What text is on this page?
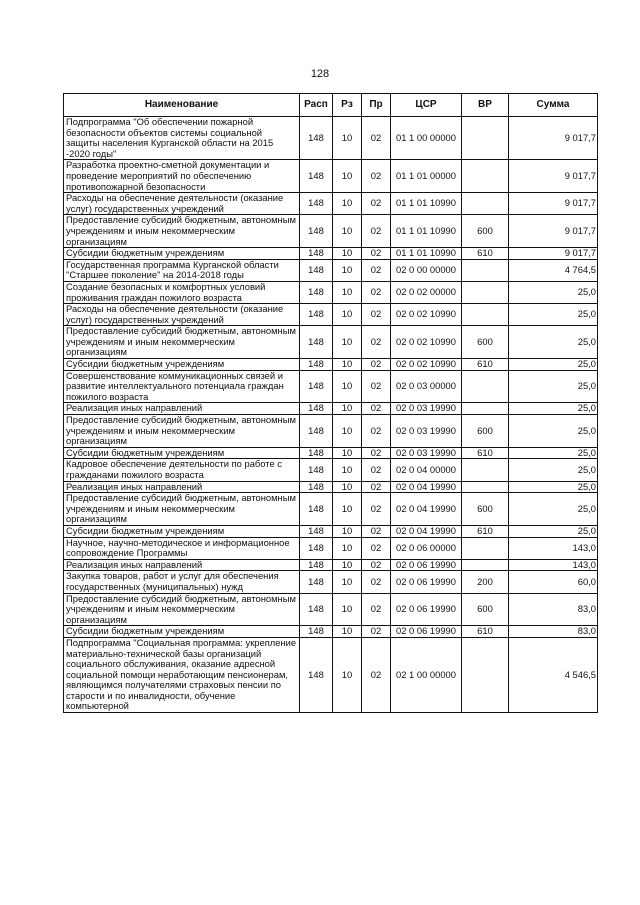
128
Наименование	Расп	Рз	Пр	ЦСР	ВР	Сумма
Подпрограмма "Об обеспечении пожарной безопасности объектов системы социальной защиты населения Курганской области на 2015 -2020 годы"	148	10	02	01 1 00 00000		9 017,7
Разработка проектно-сметной документации и проведение мероприятий по обеспечению противопожарной безопасности	148	10	02	01 1 01 00000		9 017,7
Расходы на обеспечение деятельности (оказание услуг) государственных учреждений	148	10	02	01 1 01 10990		9 017,7
Предоставление субсидий бюджетным, автономным учреждениям и иным некоммерческим организациям	148	10	02	01 1 01 10990	600	9 017,7
Субсидии бюджетным учреждениям	148	10	02	01 1 01 10990	610	9 017,7
Государственная программа Курганской области "Старшее поколение" на 2014-2018 годы	148	10	02	02 0 00 00000		4 764,5
Создание безопасных и комфортных условий проживания граждан пожилого возраста	148	10	02	02 0 02 00000		25,0
Расходы на обеспечение деятельности (оказание услуг) государственных учреждений	148	10	02	02 0 02 10990		25,0
Предоставление субсидий бюджетным, автономным учреждениям и иным некоммерческим организациям	148	10	02	02 0 02 10990	600	25,0
Субсидии бюджетным учреждениям	148	10	02	02 0 02 10990	610	25,0
Совершенствование коммуникационных связей и развитие интеллектуального потенциала граждан пожилого возраста	148	10	02	02 0 03 00000		25,0
Реализация иных направлений	148	10	02	02 0 03 19990		25,0
Предоставление субсидий бюджетным, автономным учреждениям и иным некоммерческим организациям	148	10	02	02 0 03 19990	600	25,0
Субсидии бюджетным учреждениям	148	10	02	02 0 03 19990	610	25,0
Кадровое обеспечение деятельности по работе с гражданами пожилого возраста	148	10	02	02 0 04 00000		25,0
Реализация иных направлений	148	10	02	02 0 04 19990		25,0
Предоставление субсидий бюджетным, автономным учреждениям и иным некоммерческим организациям	148	10	02	02 0 04 19990	600	25,0
Субсидии бюджетным учреждениям	148	10	02	02 0 04 19990	610	25,0
Научное, научно-методическое и информационное сопровождение Программы	148	10	02	02 0 06 00000		143,0
Реализация иных направлений	148	10	02	02 0 06 19990		143,0
Закупка товаров, работ и услуг для обеспечения государственных (муниципальных) нужд	148	10	02	02 0 06 19990	200	60,0
Предоставление субсидий бюджетным, автономным учреждениям и иным некоммерческим организациям	148	10	02	02 0 06 19990	600	83,0
Субсидии бюджетным учреждениям	148	10	02	02 0 06 19990	610	83,0
Подпрограмма "Социальная программа: укрепление материально-технической базы организаций социального обслуживания, оказание адресной социальной помощи неработающим пенсионерам, являющимся получателями страховых пенсии по старости и по инвалидности, обучение компьютерной	148	10	02	02 1 00 00000		4 546,5
